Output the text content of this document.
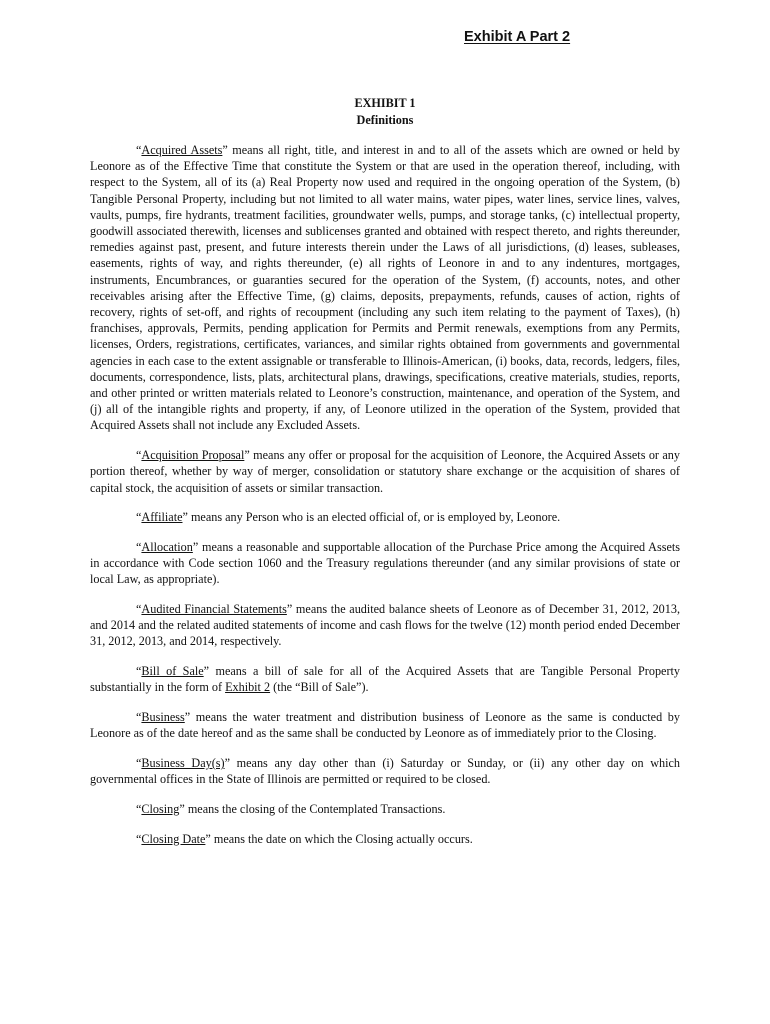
Exhibit A Part 2
EXHIBIT 1
Definitions

“Acquired Assets” means all right, title, and interest in and to all of the assets which are owned or held by Leonore as of the Effective Time that constitute the System or that are used in the operation thereof, including, with respect to the System, all of its (a) Real Property now used and required in the ongoing operation of the System, (b) Tangible Personal Property, including but not limited to all water mains, water pipes, water lines, service lines, valves, vaults, pumps, fire hydrants, treatment facilities, groundwater wells, pumps, and storage tanks, (c) intellectual property, goodwill associated therewith, licenses and sublicenses granted and obtained with respect thereto, and rights thereunder, remedies against past, present, and future interests therein under the Laws of all jurisdictions, (d) leases, subleases, easements, rights of way, and rights thereunder, (e) all rights of Leonore in and to any indentures, mortgages, instruments, Encumbrances, or guaranties secured for the operation of the System, (f) accounts, notes, and other receivables arising after the Effective Time, (g) claims, deposits, prepayments, refunds, causes of action, rights of recovery, rights of set-off, and rights of recoupment (including any such item relating to the payment of Taxes), (h) franchises, approvals, Permits, pending application for Permits and Permit renewals, exemptions from any Permits, licenses, Orders, registrations, certificates, variances, and similar rights obtained from governments and governmental agencies in each case to the extent assignable or transferable to Illinois-American, (i) books, data, records, ledgers, files, documents, correspondence, lists, plats, architectural plans, drawings, specifications, creative materials, studies, reports, and other printed or written materials related to Leonore’s construction, maintenance, and operation of the System, and (j) all of the intangible rights and property, if any, of Leonore utilized in the operation of the System, provided that Acquired Assets shall not include any Excluded Assets.

“Acquisition Proposal” means any offer or proposal for the acquisition of Leonore, the Acquired Assets or any portion thereof, whether by way of merger, consolidation or statutory share exchange or the acquisition of shares of capital stock, the acquisition of assets or similar transaction.

“Affiliate” means any Person who is an elected official of, or is employed by, Leonore.

“Allocation” means a reasonable and supportable allocation of the Purchase Price among the Acquired Assets in accordance with Code section 1060 and the Treasury regulations thereunder (and any similar provisions of state or local Law, as appropriate).

“Audited Financial Statements” means the audited balance sheets of Leonore as of December 31, 2012, 2013, and 2014 and the related audited statements of income and cash flows for the twelve (12) month period ended December 31, 2012, 2013, and 2014, respectively.

“Bill of Sale” means a bill of sale for all of the Acquired Assets that are Tangible Personal Property substantially in the form of Exhibit 2 (the “Bill of Sale”).

“Business” means the water treatment and distribution business of Leonore as the same is conducted by Leonore as of the date hereof and as the same shall be conducted by Leonore as of immediately prior to the Closing.

“Business Day(s)” means any day other than (i) Saturday or Sunday, or (ii) any other day on which governmental offices in the State of Illinois are permitted or required to be closed.

“Closing” means the closing of the Contemplated Transactions.

“Closing Date” means the date on which the Closing actually occurs.
